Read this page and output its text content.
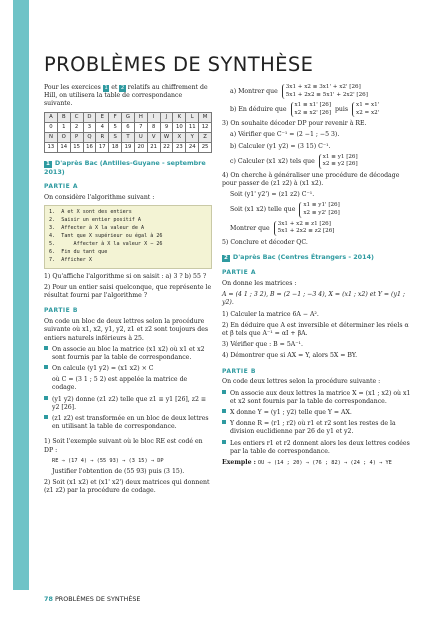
PROBLÈMES DE SYNTHÈSE

Pour les exercices 1 et 2 relatifs au chiffrement de Hill, on utilisera la table de correspondance suivante.

A	B	C	D	E	F	G	H	I	J	K	L	M
0	1	2	3	4	5	6	7	8	9	10	11	12
N	O	P	Q	R	S	T	U	V	W	X	Y	Z
13	14	15	16	17	18	19	20	21	22	23	24	25
1 D'après Bac (Antilles-Guyane - septembre 2013)
PARTIE A

On considère l'algorithme suivant :

1.  A et X sont des entiers
2.  Saisir un entier positif A
3.  Affecter à X la valeur de A
4.  Tant que X supérieur ou égal à 26
5.      Affecter à X la valeur X − 26
6.  Fin du tant que
7.  Afficher X

1) Qu'affiche l'algorithme si on saisit : a) 3 ? b) 55 ?

2) Pour un entier saisi quelconque, que représente le résultat fourni par l'algorithme ?

PARTIE B

On code un bloc de deux lettres selon la procédure suivante où x1, x2, y1, y2, z1 et z2 sont toujours des entiers naturels inférieurs à 25.

On associe au bloc la matrice (x1 x2) où x1 et x2 sont fournis par la table de correspondance.

On calcule (y1 y2) = (x1 x2) × C

où C = (3 1 ; 5 2) est appelée la matrice de codage.

(y1 y2) donne (z1 z2) telle que z1 ≡ y1 [26], z2 ≡ y2 [26].

(z1 z2) est transformée en un bloc de deux lettres en utilisant la table de correspondance.

1) Soit l'exemple suivant où le bloc RE est codé en DP :

RE → (17 4) → (55 93) → (3 15) → DP

Justifier l'obtention de (55 93) puis (3 15).

2) Soit (x1 x2) et (x1' x2') deux matrices qui donnent (z1 z2) par la procédure de codage.

a) Montrer que 3x1 + x2 ≡ 3x1' + x2' [26]
5x1 + 2x2 ≡ 5x1' + 2x2' [26]

b) En déduire que x1 ≡ x1' [26]
x2 ≡ x2' [26] puis x1 = x1'
x2 = x2'

3) On souhaite décoder DP pour revenir à RE.

a) Vérifier que C⁻¹ = (2 −1 ; −5 3).

b) Calculer (y1 y2) = (3 15) C⁻¹.

c) Calculer (x1 x2) tels que x1 ≡ y1 [26]
x2 ≡ y2 [26]

4) On cherche à généraliser une procédure de décodage pour passer de (z1 z2) à (x1 x2).

Soit (y1' y2') = (z1 z2) C⁻¹.

Soit (x1 x2) telle que x1 ≡ y1' [26]
x2 ≡ y2' [26]

Montrer que 3x1 + x2 ≡ z1 [26]
5x1 + 2x2 ≡ z2 [26]

5) Conclure et décoder QC.

2 D'après Bac (Centres Étrangers - 2014)
PARTIE A

On donne les matrices :

A = (4 1 ; 3 2), B = (2 −1 ; −3 4), X = (x1 ; x2) et Y = (y1 ; y2).

1) Calculer la matrice 6A − A².

2) En déduire que A est inversible et déterminer les réels α et β tels que A⁻¹ = αI + βA.

3) Vérifier que : B = 5A⁻¹.

4) Démontrer que si AX = Y, alors 5X = BY.

PARTIE B

On code deux lettres selon la procédure suivante :

On associe aux deux lettres la matrice X = (x1 ; x2) où x1 et x2 sont fournis par la table de correspondance.

X donne Y = (y1 ; y2) telle que Y = AX.

Y donne R = (r1 ; r2) où r1 et r2 sont les restes de la division euclidienne par 26 de y1 et y2.

Les entiers r1 et r2 donnent alors les deux lettres codées par la table de correspondance.

Exemple : OU → (14 ; 20) → (76 ; 82) → (24 ; 4) → YE

78 PROBLÈMES DE SYNTHÈSE
